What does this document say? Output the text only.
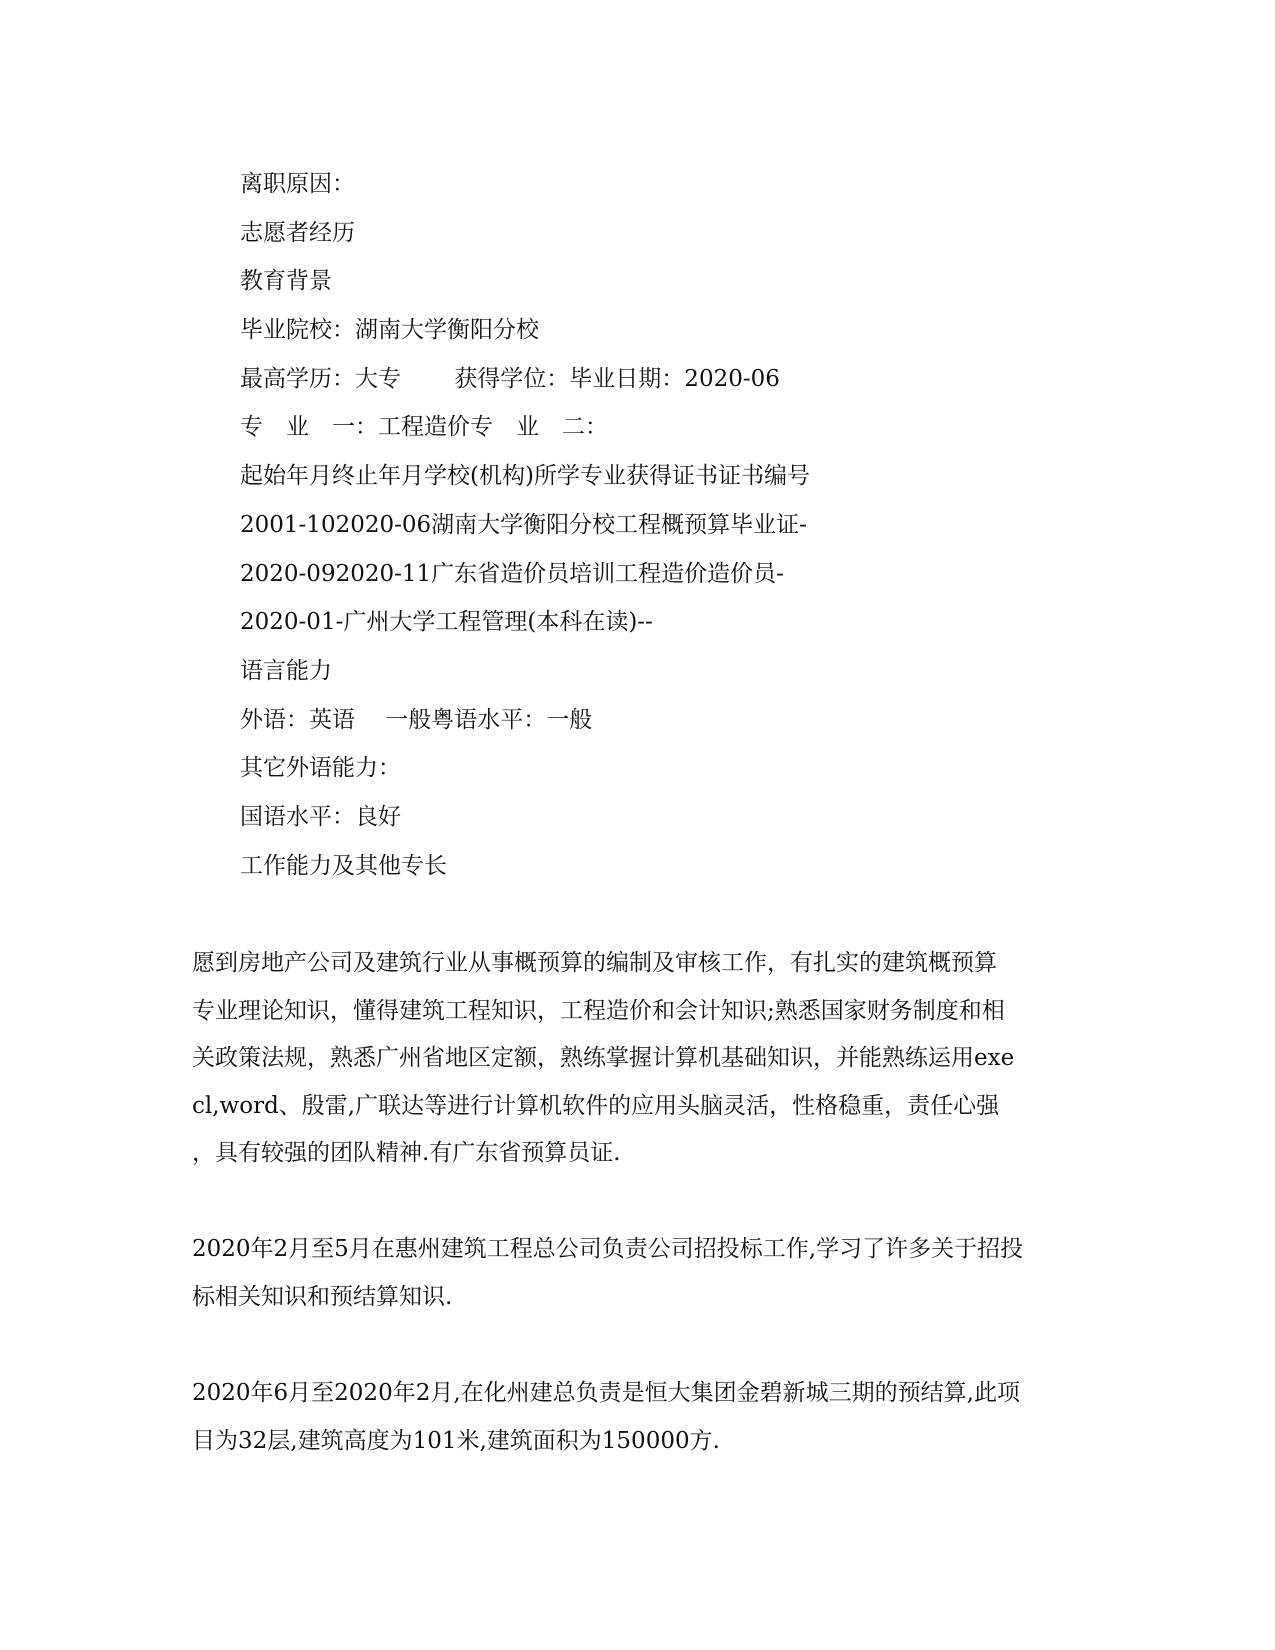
离职原因：
志愿者经历
教育背景
毕业院校：湖南大学衡阳分校
最高学历：大专　　 获得学位：毕业日期：2020-06
专　业　一：工程造价专　业　二：
起始年月终止年月学校(机构)所学专业获得证书证书编号
2001-102020-06湖南大学衡阳分校工程概预算毕业证-
2020-092020-11广东省造价员培训工程造价造价员-
2020-01-广州大学工程管理(本科在读)--
语言能力
外语：英语　 一般粤语水平：一般
其它外语能力：
国语水平：良好
工作能力及其他专长
愿到房地产公司及建筑行业从事概预算的编制及审核工作，有扎实的建筑概预算
专业理论知识，懂得建筑工程知识，工程造价和会计知识;熟悉国家财务制度和相
关政策法规，熟悉广州省地区定额，熟练掌握计算机基础知识，并能熟练运用exe
cl,word、殷雷,广联达等进行计算机软件的应用头脑灵活，性格稳重，责任心强
，具有较强的团队精神.有广东省预算员证.
2020年2月至5月在惠州建筑工程总公司负责公司招投标工作,学习了许多关于招投
标相关知识和预结算知识.
2020年6月至2020年2月,在化州建总负责是恒大集团金碧新城三期的预结算,此项
目为32层,建筑高度为101米,建筑面积为150000方.
